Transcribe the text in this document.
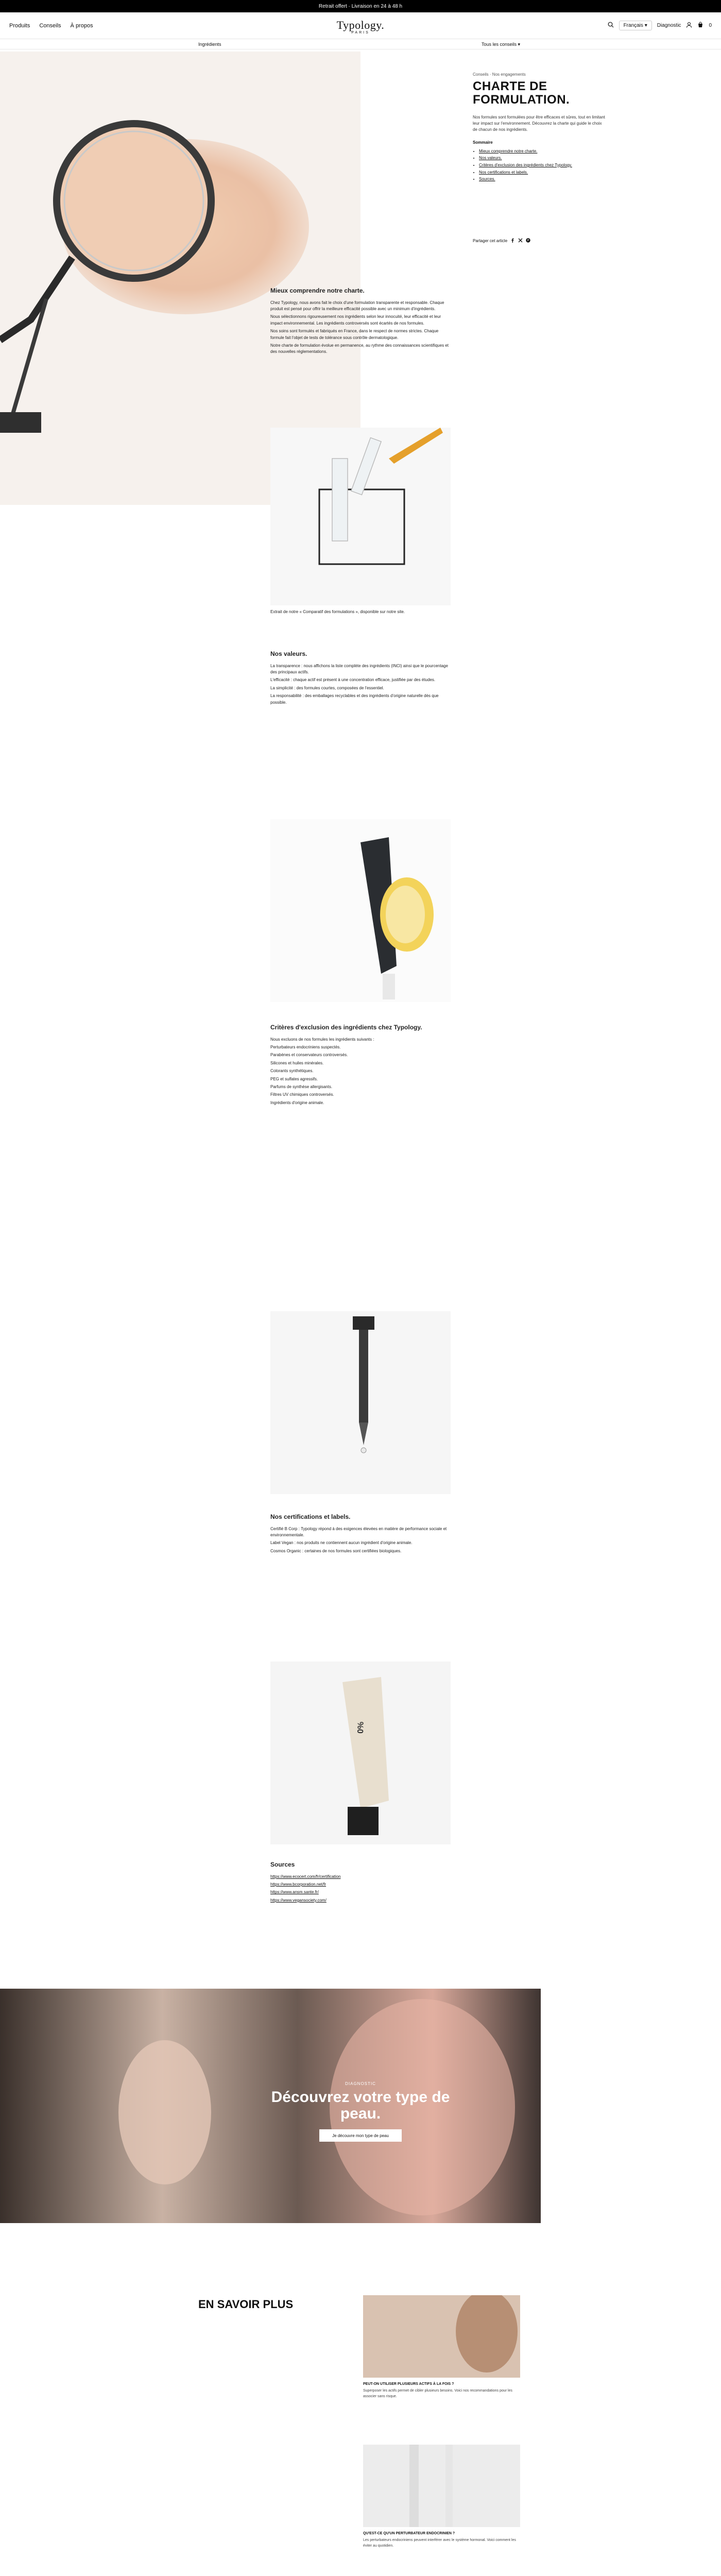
Retrait offert · Livraison en 24 à 48 h
Produits Conseils À propos	Typology.
PARIS
Français ▾	Diagnostic	0
Ingrédients	Tous les conseils ▾
Conseils · Nos engagements
CHARTE DE FORMULATION.

Nos formules sont formulées pour être efficaces et sûres, tout en limitant leur impact sur l'environnement. Découvrez la charte qui guide le choix de chacun de nos ingrédients.

Sommaire
• Mieux comprendre notre charte.
• Nos valeurs.
• Critères d'exclusion des ingrédients chez Typology.
• Nos certifications et labels.
• Sources.
Partager cet article	P
Mieux comprendre notre charte.

Chez Typology, nous avons fait le choix d'une formulation transparente et responsable. Chaque produit est pensé pour offrir la meilleure efficacité possible avec un minimum d'ingrédients.

Nous sélectionnons rigoureusement nos ingrédients selon leur innocuité, leur efficacité et leur impact environnemental. Les ingrédients controversés sont écartés de nos formules.

Nos soins sont formulés et fabriqués en France, dans le respect de normes strictes. Chaque formule fait l'objet de tests de tolérance sous contrôle dermatologique.

Notre charte de formulation évolue en permanence, au rythme des connaissances scientifiques et des nouvelles réglementations.

Extrait de notre « Comparatif des formulations », disponible sur notre site.

Nos valeurs.

La transparence : nous affichons la liste complète des ingrédients (INCI) ainsi que le pourcentage des principaux actifs.

L'efficacité : chaque actif est présent à une concentration efficace, justifiée par des études.

La simplicité : des formules courtes, composées de l'essentiel.

La responsabilité : des emballages recyclables et des ingrédients d'origine naturelle dès que possible.

Critères d'exclusion des ingrédients chez Typology.

Nous excluons de nos formules les ingrédients suivants :

Perturbateurs endocriniens suspectés.

Parabènes et conservateurs controversés.

Silicones et huiles minérales.

Colorants synthétiques.

PEG et sulfates agressifs.

Parfums de synthèse allergisants.

Filtres UV chimiques controversés.

Ingrédients d'origine animale.

Nos certifications et labels.

Certifié B Corp : Typology répond à des exigences élevées en matière de performance sociale et environnementale.

Label Vegan : nos produits ne contiennent aucun ingrédient d'origine animale.

Cosmos Organic : certaines de nos formules sont certifiées biologiques.

0%
Sources

https://www.ecocert.com/fr/certification

https://www.bcorporation.net/fr

https://www.ansm.sante.fr/

https://www.vegansociety.com/

DIAGNOSTIC
Découvrez votre type de peau.
Je découvre mon type de peau
EN SAVOIR PLUS
PEUT-ON UTILISER PLUSIEURS ACTIFS À LA FOIS ?
Superposer les actifs permet de cibler plusieurs besoins. Voici nos recommandations pour les associer sans risque.
QU'EST-CE QU'UN PERTURBATEUR ENDOCRINIEN ?
Les perturbateurs endocriniens peuvent interférer avec le système hormonal. Voici comment les éviter au quotidien.
